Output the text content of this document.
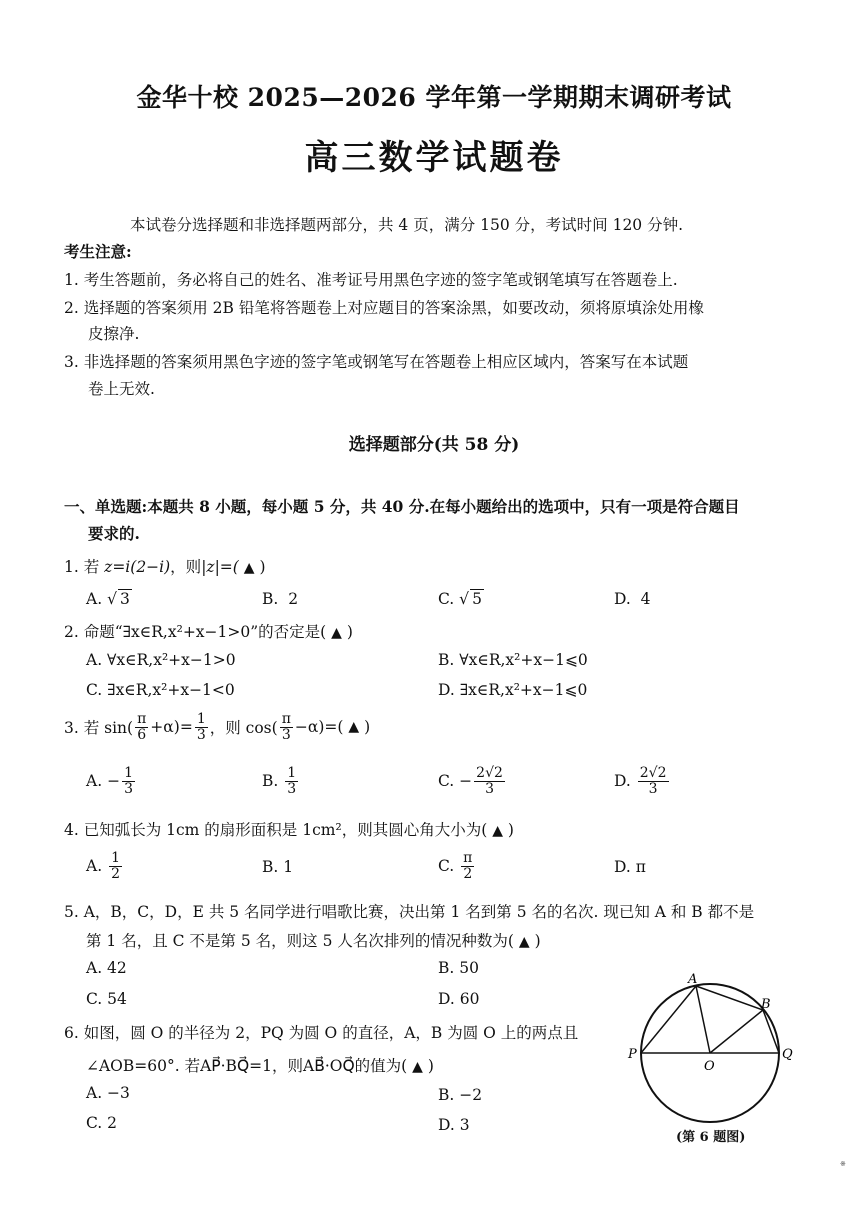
金华十校 2025—2026 学年第一学期期末调研考试
高三数学试题卷
本试卷分选择题和非选择题两部分，共 4 页，满分 150 分，考试时间 120 分钟.
考生注意:
1. 考生答题前，务必将自己的姓名、准考证号用黑色字迹的签字笔或钢笔填写在答题卷上.
2. 选择题的答案须用 2B 铅笔将答题卷上对应题目的答案涂黑，如要改动，须将原填涂处用橡
皮擦净.
3. 非选择题的答案须用黑色字迹的签字笔或钢笔写在答题卷上相应区域内，答案写在本试题
卷上无效.
选择题部分(共 58 分)
一、单选题:本题共 8 小题，每小题 5 分，共 40 分.在每小题给出的选项中，只有一项是符合题目
要求的.
1. 若 z=i(2−i)，则|z|=( ▲ )
A. √ 3	B. 2	C. √ 5	D. 4
2. 命题“∃x∈R,x²+x−1>0”的否定是( ▲ )
A. ∀x∈R,x²+x−1>0	B. ∀x∈R,x²+x−1⩽0
C. ∃x∈R,x²+x−1<0	D. ∃x∈R,x²+x−1⩽0
3. 若 $\sin( \frac{\pi}{6} +\alpha$ )= $\frac{1}{3}$ ，则 $\cos( \frac{\pi}{3} -\alpha$ )=(
▲
)
A.
− $\frac{1}{3}$	B.
$\frac{1}{3}$	C.
− $\frac{2√2}{3}$	D.
$\frac{2√2}{3}$
4. 已知弧长为 1cm 的扇形面积是 1cm²，则其圆心角大小为( ▲ )
A.
$\frac{1}{2}$	B. 1	C.
$\frac{\pi}{2}$	D. π
5. A，B，C，D，E 共 5 名同学进行唱歌比赛，决出第 1 名到第 5 名的名次. 现已知 A 和 B 都不是
第 1 名，且 C 不是第 5 名，则这 5 人名次排列的情况种数为( ▲ )
A. 42	B. 50
C. 54	D. 60
6. 如图，圆 O 的半径为 2，PQ 为圆 O 的直径，A，B 为圆 O 上的两点且
∠AOB=60°. 若AP⃗·BQ⃗=1，则AB⃗·OQ⃗的值为( ▲ )
A. −3	B. −2
C. 2	D. 3
A
B
P
O
Q
(第 6 题图)
※
